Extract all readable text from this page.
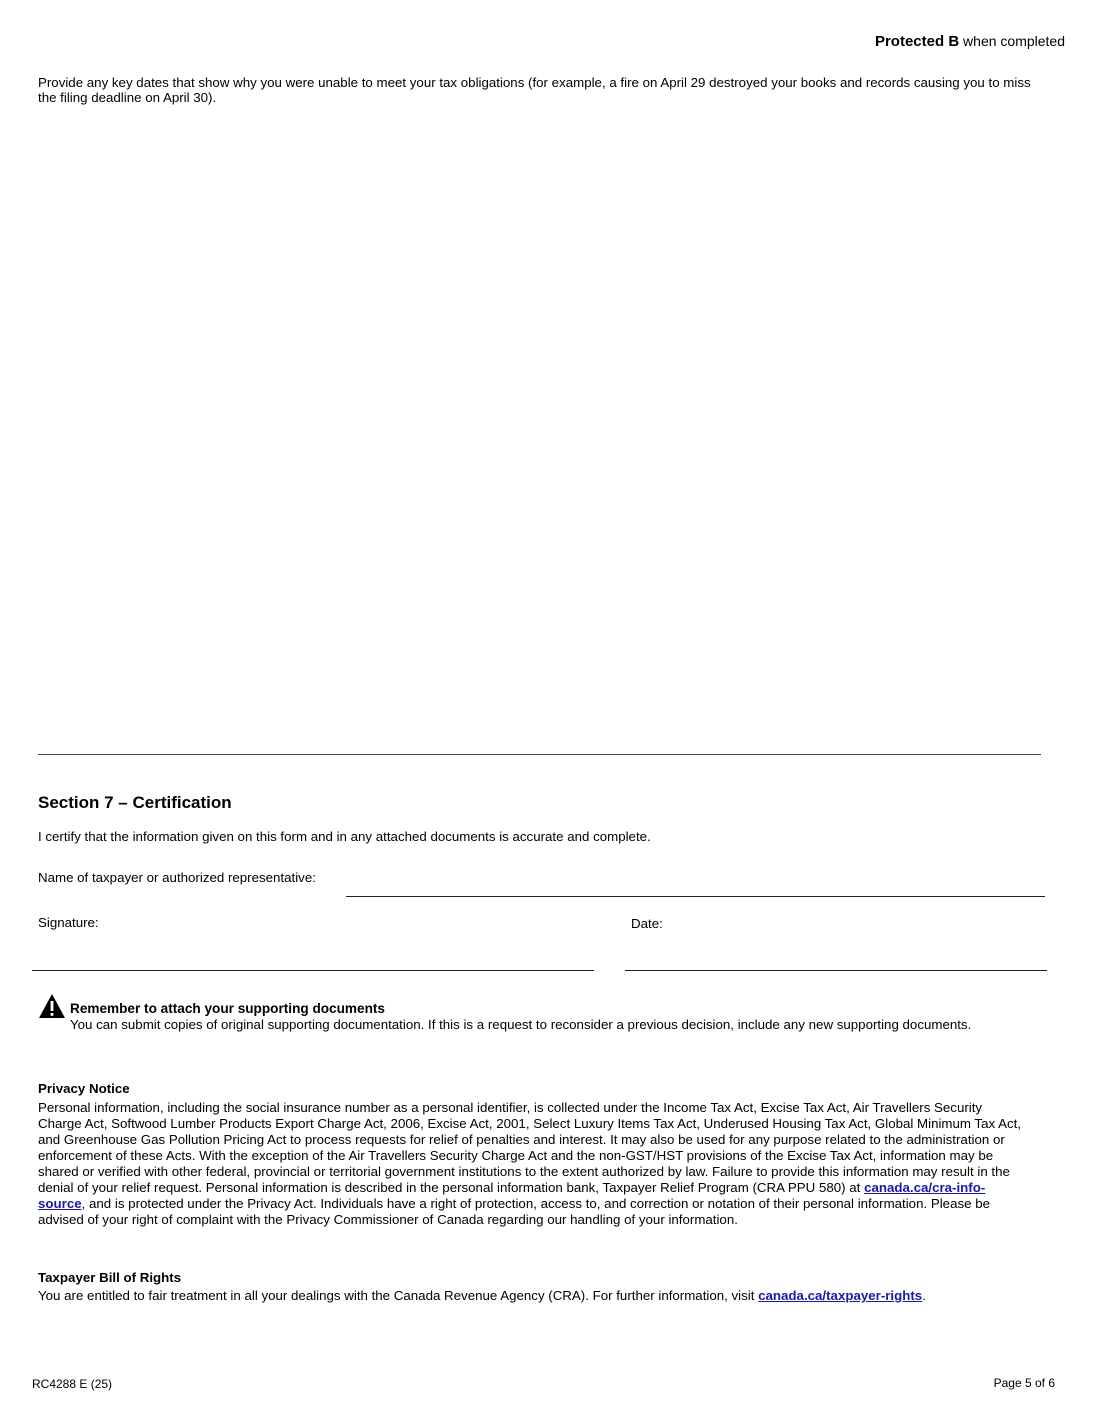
Protected B when completed
Provide any key dates that show why you were unable to meet your tax obligations (for example, a fire on April 29 destroyed your books and records causing you to miss the filing deadline on April 30).
Section 7 – Certification
I certify that the information given on this form and in any attached documents is accurate and complete.
Name of taxpayer or authorized representative:
Signature:	Date:
Remember to attach your supporting documents
You can submit copies of original supporting documentation. If this is a request to reconsider a previous decision, include any new supporting documents.
Privacy Notice
Personal information, including the social insurance number as a personal identifier, is collected under the Income Tax Act, Excise Tax Act, Air Travellers Security Charge Act, Softwood Lumber Products Export Charge Act, 2006, Excise Act, 2001, Select Luxury Items Tax Act, Underused Housing Tax Act, Global Minimum Tax Act, and Greenhouse Gas Pollution Pricing Act to process requests for relief of penalties and interest. It may also be used for any purpose related to the administration or enforcement of these Acts. With the exception of the Air Travellers Security Charge Act and the non-GST/HST provisions of the Excise Tax Act, information may be shared or verified with other federal, provincial or territorial government institutions to the extent authorized by law. Failure to provide this information may result in the denial of your relief request. Personal information is described in the personal information bank, Taxpayer Relief Program (CRA PPU 580) at canada.ca/cra-info-source, and is protected under the Privacy Act. Individuals have a right of protection, access to, and correction or notation of their personal information. Please be advised of your right of complaint with the Privacy Commissioner of Canada regarding our handling of your information.
Taxpayer Bill of Rights
You are entitled to fair treatment in all your dealings with the Canada Revenue Agency (CRA). For further information, visit canada.ca/taxpayer-rights.
RC4288 E (25)	Page 5 of 6
